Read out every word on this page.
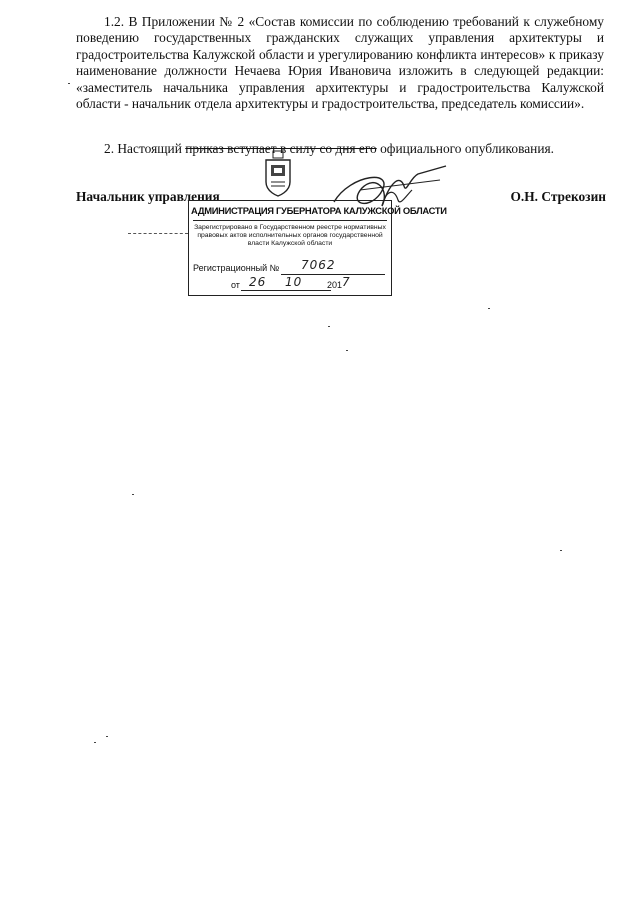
1.2. В Приложении № 2 «Состав комиссии по соблюдению требований к служебному поведению государственных гражданских служащих управления архитектуры и градостроительства Калужской области и урегулированию конфликта интересов» к приказу наименование должности Нечаева Юрия Ивановича изложить в следующей редакции: «заместитель начальника управления архитектуры и градостроительства Калужской области - начальник отдела архитектуры и градостроительства, председатель комиссии».

2. Настоящий приказ вступает в силу со дня его официального опубликования.

Начальник управления	О.Н. Стрекозин
АДМИНИСТРАЦИЯ ГУБЕРНАТОРА КАЛУЖСКОЙ ОБЛАСТИ
Зарегистрировано в Государственном реестре нормативных правовых актов исполнительных органов государственной власти Калужской области
Регистрационный № 7062
от 26 10	201 7
